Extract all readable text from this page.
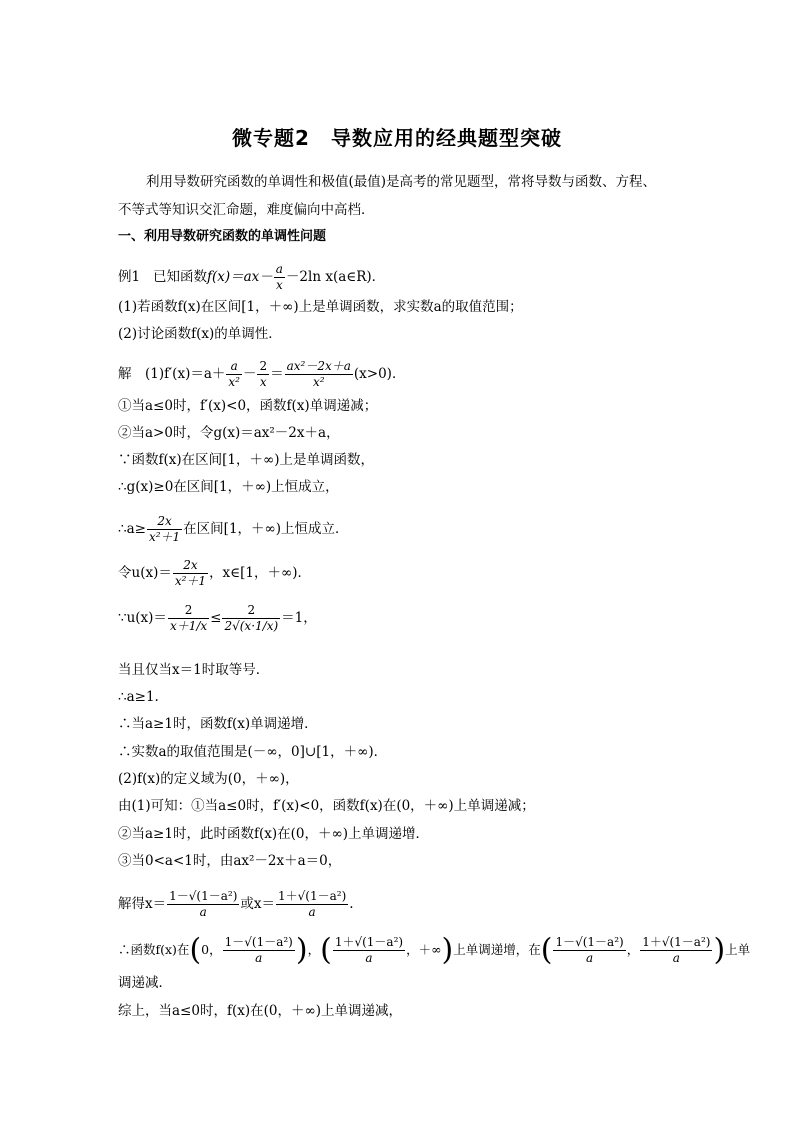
微专题2　导数应用的经典题型突破
利用导数研究函数的单调性和极值(最值)是高考的常见题型，常将导数与函数、方程、
不等式等知识交汇命题，难度偏向中高档．
一、利用导数研究函数的单调性问题
例1 已知函数$f(x)=ax- \frac{a}{x} -2\ln$ x(a∈R)．
(1)若函数f(x)在区间[1，＋∞)上是单调函数，求实数a的取值范围；
(2)讨论函数f(x)的单调性．
解　$(1)f'(x)=a+ \frac{a}{\text{x²}} - \frac{2}{x} = \frac{\text{ax²－2x＋a}}{\text{x²}} (x>0)$．
①当a≤0时，f′(x)<0，函数f(x)单调递减；
②当a>0时，令g(x)＝ax²－2x＋a，
∵函数f(x)在区间[1，＋∞)上是单调函数，
∴g(x)≥0在区间[1，＋∞)上恒成立，
∴a≥ $\frac{2x}{\text{x²＋1}}$ 在区间[1，＋∞)上恒成立．
令$u(x)= \frac{2x}{\text{x²＋1}}$ ，x∈[1，＋∞)．
∵u(x)＝ $\frac{2}{x+1/x} \le \frac{2}{2√(x\cdot 1/x)} =1$，
当且仅当x＝1时取等号．
∴a≥1.
∴当a≥1时，函数f(x)单调递增．
∴实数a的取值范围是(－∞，0]∪[1，＋∞)．
(2)f(x)的定义域为(0，＋∞)，
由(1)可知：①当a≤0时，f′(x)<0，函数f(x)在(0，＋∞)上单调递减；
②当a≥1时，此时函数f(x)在(0，＋∞)上单调递增．
③当0<a<1时，由ax²－2x＋a＝0，
解得$x= \frac{\text{1－√(1－a²)}}{a}$ 或$x= \frac{\text{1＋√(1－a²)}}{a}$ .
∴函数f(x)在(0， $\frac{\text{1－√(1－a²)}}{a}$ )，( $\frac{\text{1＋√(1－a²)}}{a}$ ，＋∞)上单调递增，在( $\frac{\text{1－√(1－a²)}}{a}$ ， $\frac{\text{1＋√(1－a²)}}{a}$ )上单
调递减．
综上，当a≤0时，f(x)在(0，＋∞)上单调递减，
